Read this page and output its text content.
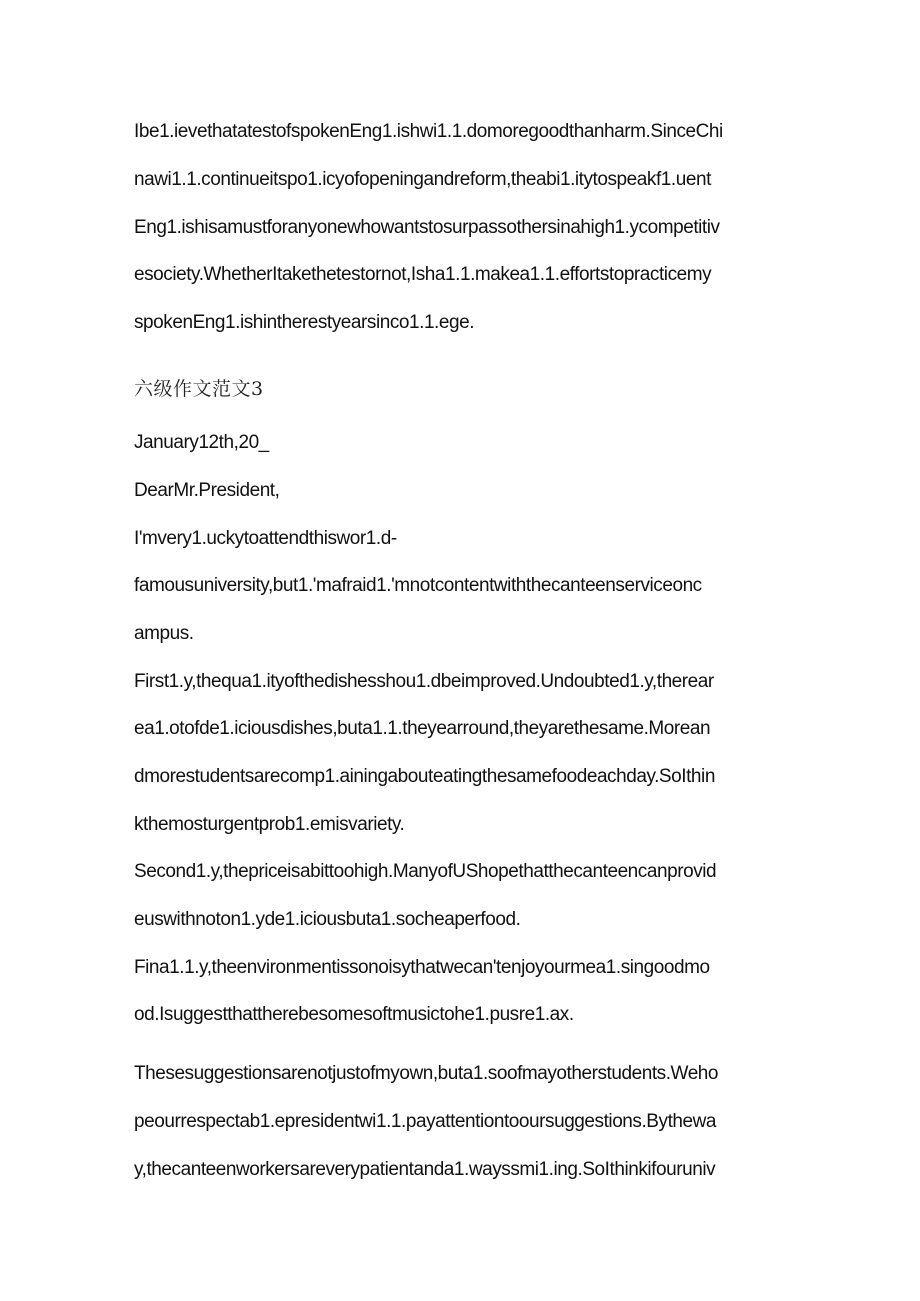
Ibe1.ievethatatestofspokenEng1.ishwi1.1.domoregoodthanharm.SinceChi

nawi1.1.continueitspo1.icyofopeningandreform,theabi1.itytospeakf1.uent

Eng1.ishisamustforanyonewhowantstosurpassothersinahigh1.ycompetitiv

esociety.WhetherItakethetestornot,Isha1.1.makea1.1.effortstopracticemy

spokenEng1.ishintherestyearsinco1.1.ege.

六级作文范文3

January12th,20_

DearMr.President,

I'mvery1.uckytoattendthiswor1.d-

famousuniversity,but1.'mafraid1.'mnotcontentwiththecanteenserviceonc

ampus.

First1.y,thequa1.ityofthedishesshou1.dbeimproved.Undoubted1.y,therear

ea1.otofde1.iciousdishes,buta1.1.theyearround,theyarethesame.Morean

dmorestudentsarecomp1.ainingabouteatingthesamefoodeachday.SoIthin

kthemosturgentprob1.emisvariety.

Second1.y,thepriceisabittoohigh.ManyofUShopethatthecanteencanprovid

euswithnoton1.yde1.iciousbuta1.socheaperfood.

Fina1.1.y,theenvironmentissonoisythatwecan'tenjoyourmea1.singoodmo

od.Isuggestthattherebesomesoftmusictohe1.pusre1.ax.

Thesesuggestionsarenotjustofmyown,buta1.soofmayotherstudents.Weho

peourrespectab1.epresidentwi1.1.payattentiontooursuggestions.Bythewa

y,thecanteenworkersareverypatientanda1.wayssmi1.ing.SoIthinkifouruniv
